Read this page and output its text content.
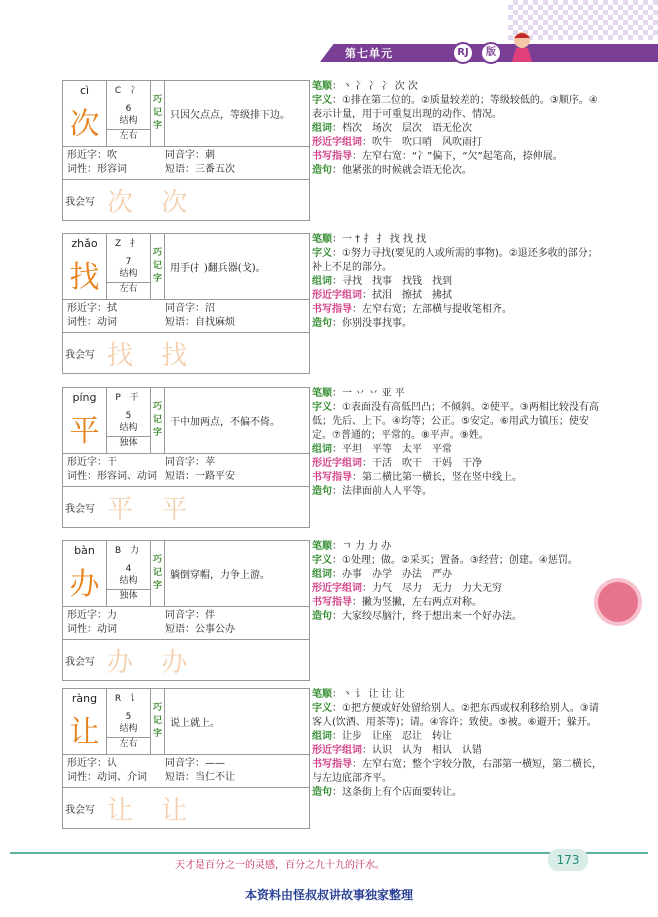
第七单元	RJ	版
cì
次
C 冫
6
结构
左右
巧
记
字
只因欠点点，等级排下边。
形近字：吹	同音字：刺
词性：形容词	短语：三番五次
我会写 次 次
笔顺：丶 冫 冫 冫 次 次
字义：①排在第二位的。②质量较差的；等级较低的。③顺序。④表示计量，用于可重复出现的动作、情况。
组词：档次　场次　层次　语无伦次
形近字组词：吹牛　吹口哨　风吹雨打
书写指导：左窄右宽：“冫”偏下，“欠”起笔高，捺伸展。
造句：他紧张的时候就会语无伦次。
zhǎo
找
Z 扌
7
结构
左右
巧
记
字
用手(扌)翻兵器(戈)。
形近字：拭	同音字：沼
词性：动词	短语：自找麻烦
我会写 找 找
笔顺：一 † 扌 扌 找 找 找
字义：①努力寻找(要见的人或所需的事物)。②退还多收的部分；补上不足的部分。
组词：寻找　找事　找钱　找到
形近字组词：拭泪　擦拭　拂拭
书写指导：左窄右宽；左部横与提收笔相齐。
造句：你别没事找事。
píng
平
P 干
5
结构
独体
巧
记
字
干中加两点，不偏不倚。
形近字：干	同音字：苹
词性：形容词、动词 短语：一路平安
我会写 平 平
笔顺：一 丷 丷 亚 平
字义：①表面没有高低凹凸；不倾斜。②使平。③两相比较没有高低；先后、上下。④均等；公正。⑤安定。⑥用武力镇压；使安定。⑦普通的；平常的。⑧平声。⑨姓。
组词：平坦　平等　太平　平常
形近字组词：干活　吹干　干妈　干净
书写指导：第二横比第一横长，竖在竖中线上。
造句：法律面前人人平等。
bàn
办
B 力
4
结构
独体
巧
记
字
躺倒穿帽，力争上游。
形近字：力	同音字：伴
词性：动词	短语：公事公办
我会写 办 办
笔顺：ㄱ 力 力 办
字义：①处理；做。②采买；置备。③经营；创建。④惩罚。
组词：办事　办学　办法　严办
形近字组词：力气　尽力　无力　力大无穷
书写指导：撇为竖撇，左右两点对称。
造句：大家绞尽脑汁，终于想出来一个好办法。
ràng
让
R 讠
5
结构
左右
巧
记
字
说上就上。
形近字：认	同音字：——
词性：动词、介词	短语：当仁不让
我会写 让 让
笔顺：丶 讠 让 让 让
字义：①把方便或好处留给别人。②把东西或权利移给别人。③请客人(饮酒、用茶等)；请。④容许；致使。⑤被。⑥避开；躲开。
组词：让步　让座　忍让　转让
形近字组词：认识　认为　相认　认错
书写指导：左窄右宽；整个字较分散，右部第一横短，第二横长，与左边底部齐平。
造句：这条街上有个店面要转让。
天才是百分之一的灵感，百分之九十九的汗水。	173
本资料由怪叔叔讲故事独家整理
